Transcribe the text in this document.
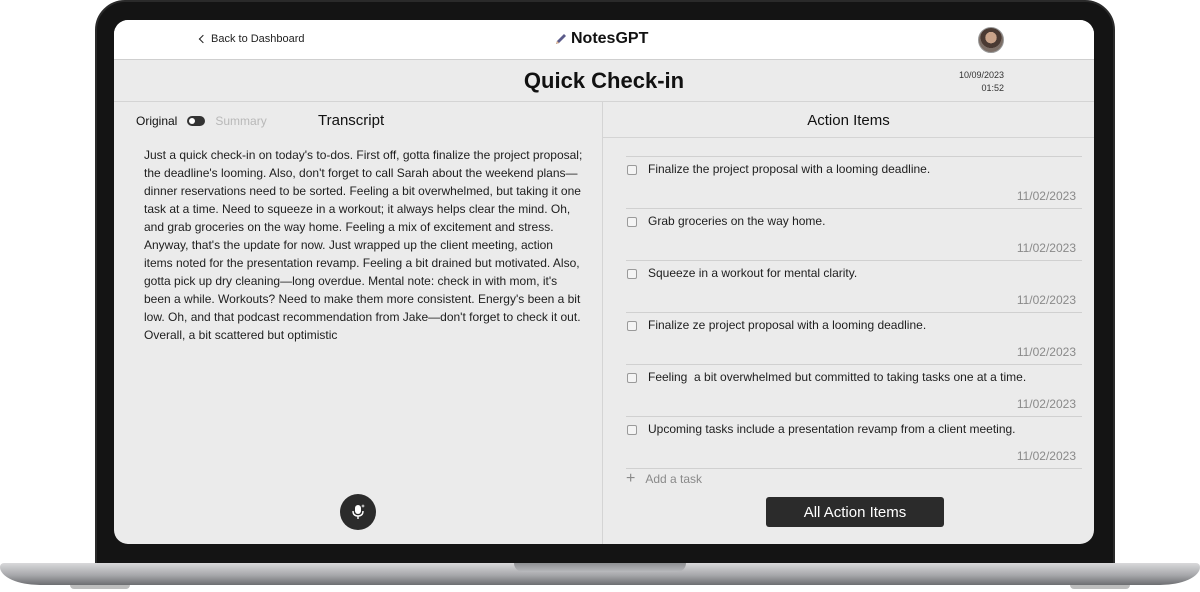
Back to Dashboard	NotesGPT
Quick Check-in	10/09/2023
01:52
Original	Summary	Transcript	Action Items

Just a quick check-in on today's to-dos. First off, gotta finalize the project proposal; the deadline's looming. Also, don't forget to call Sarah about the weekend plans—dinner reservations need to be sorted. Feeling a bit overwhelmed, but taking it one task at a time. Need to squeeze in a workout; it always helps clear the mind. Oh, and grab groceries on the way home. Feeling a mix of excitement and stress. Anyway, that's the update for now. Just wrapped up the client meeting, action items noted for the presentation revamp. Feeling a bit drained but motivated. Also, gotta pick up dry cleaning—long overdue. Mental note: check in with mom, it's been a while. Workouts? Need to make them more consistent. Energy's been a bit low. Oh, and that podcast recommendation from Jake—don't forget to check it out. Overall, a bit scattered but optimistic

Finalize the project proposal with a looming deadline.
11/02/2023
Grab groceries on the way home.
11/02/2023
Squeeze in a workout for mental clarity.
11/02/2023
Finalize ze project proposal with a looming deadline.
11/02/2023
Feeling  a bit overwhelmed but committed to taking tasks one at a time.
11/02/2023
Upcoming tasks include a presentation revamp from a client meeting.
11/02/2023
+ Add a task
All Action Items
